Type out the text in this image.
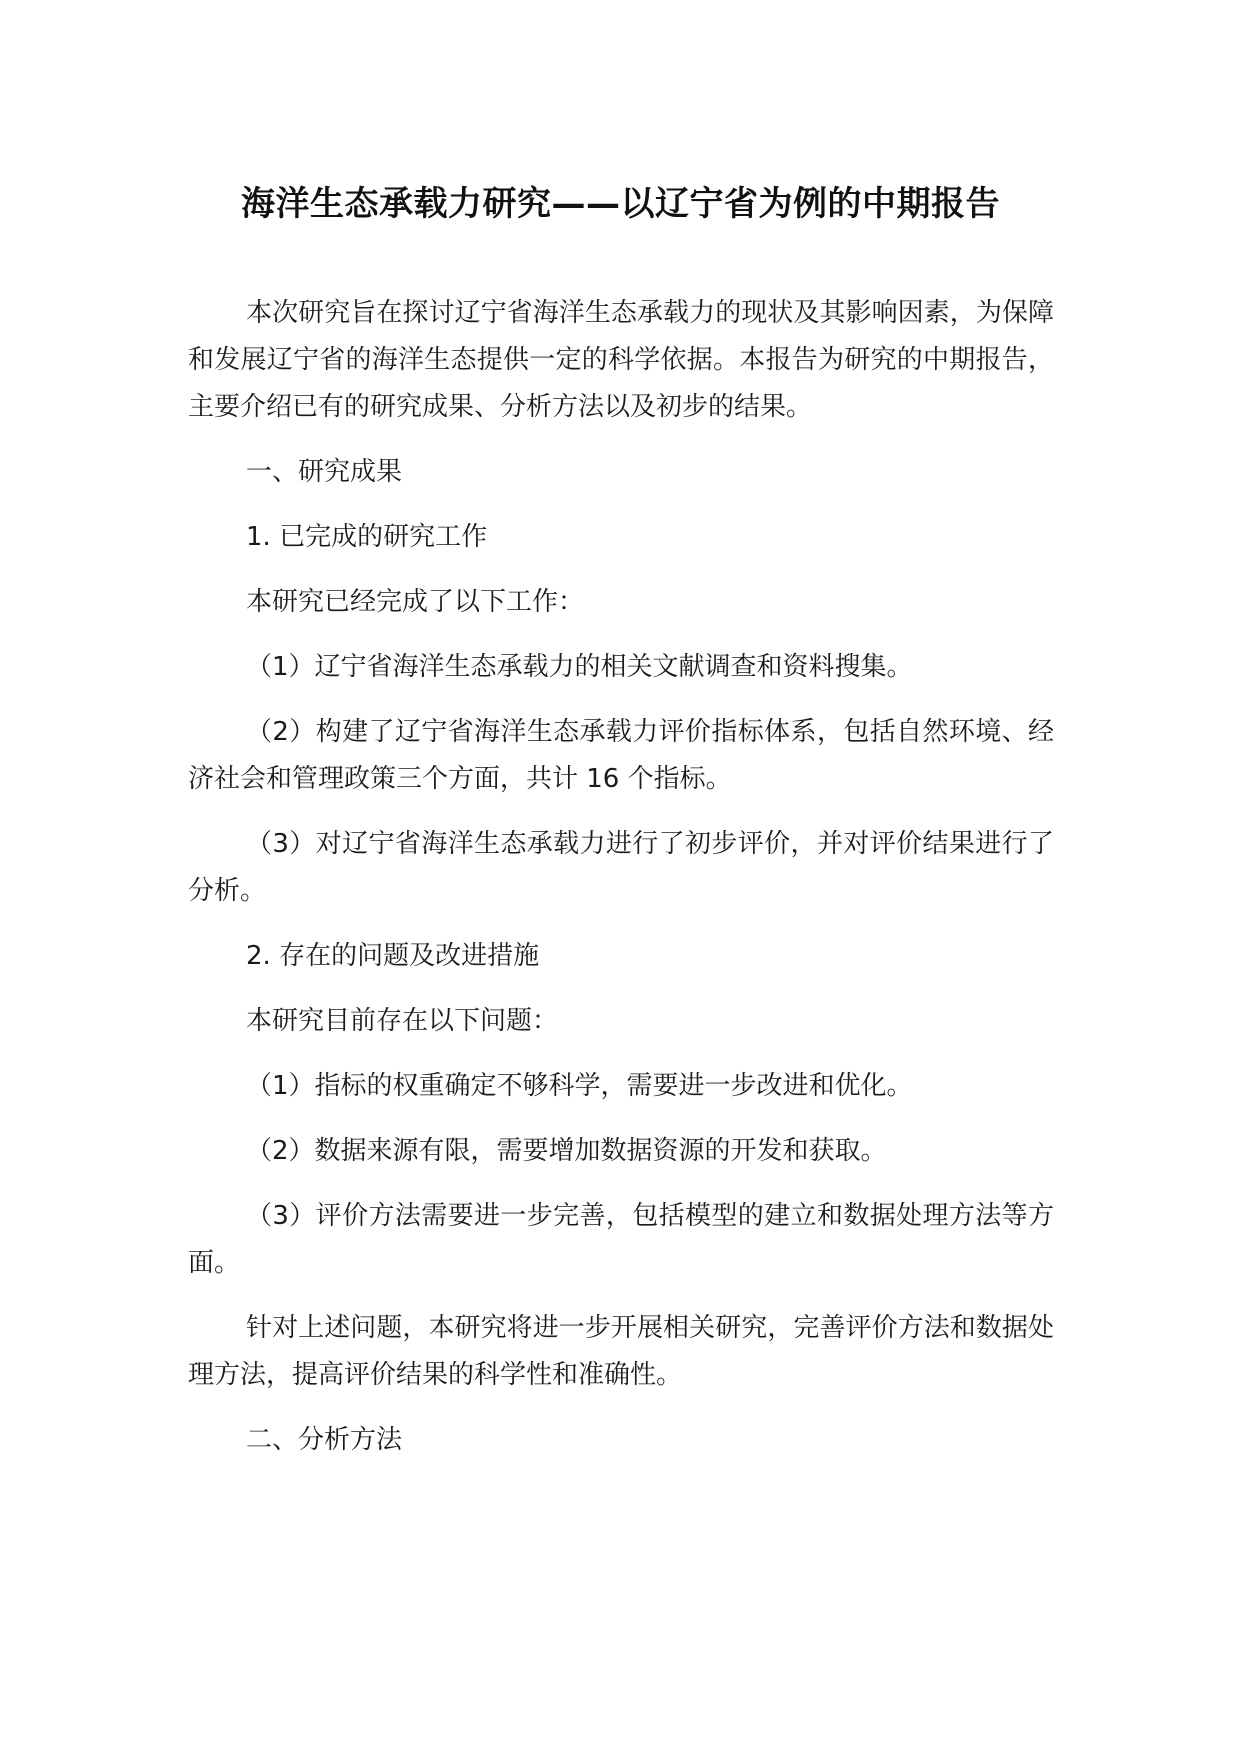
海洋生态承载力研究——以辽宁省为例的中期报告

本次研究旨在探讨辽宁省海洋生态承载力的现状及其影响因素，为保障和发展辽宁省的海洋生态提供一定的科学依据。本报告为研究的中期报告，主要介绍已有的研究成果、分析方法以及初步的结果。

一、研究成果

1. 已完成的研究工作

本研究已经完成了以下工作：

（1）辽宁省海洋生态承载力的相关文献调查和资料搜集。

（2）构建了辽宁省海洋生态承载力评价指标体系，包括自然环境、经济社会和管理政策三个方面，共计 16 个指标。

（3）对辽宁省海洋生态承载力进行了初步评价，并对评价结果进行了分析。

2. 存在的问题及改进措施

本研究目前存在以下问题：

（1）指标的权重确定不够科学，需要进一步改进和优化。

（2）数据来源有限，需要增加数据资源的开发和获取。

（3）评价方法需要进一步完善，包括模型的建立和数据处理方法等方面。

针对上述问题，本研究将进一步开展相关研究，完善评价方法和数据处理方法，提高评价结果的科学性和准确性。

二、分析方法
